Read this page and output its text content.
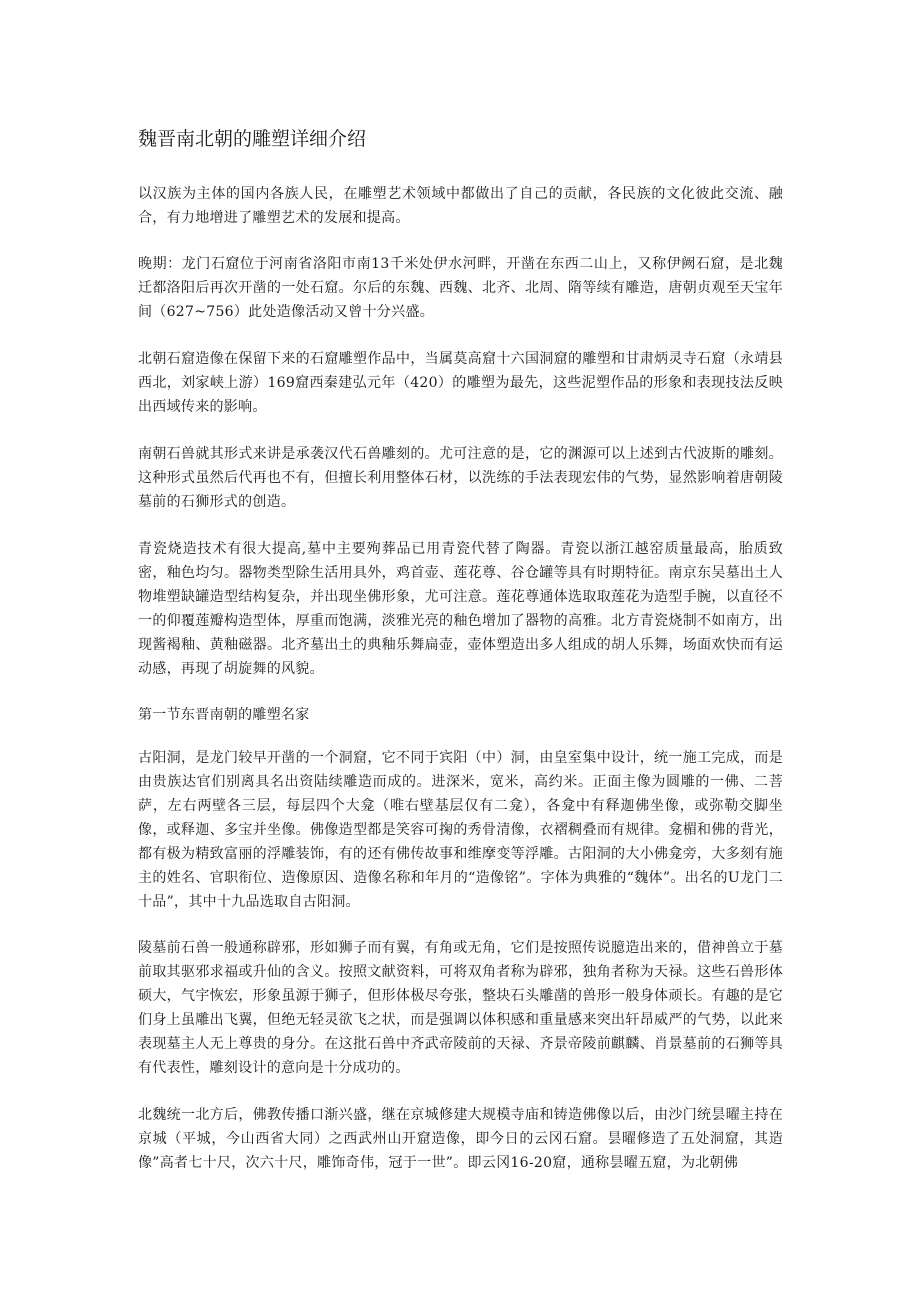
魏晋南北朝的雕塑详细介绍

以汉族为主体的国内各族人民，在雕塑艺术领域中都做出了自己的贡献，各民族的文化彼此交流、融合，有力地增进了雕塑艺术的发展和提高。

晚期：龙门石窟位于河南省洛阳市南13千米处伊水河畔，开凿在东西二山上，又称伊阙石窟，是北魏迁都洛阳后再次开凿的一处石窟。尔后的东魏、西魏、北齐、北周、隋等续有雕造，唐朝贞观至天宝年间（627~756）此处造像活动又曾十分兴盛。

北朝石窟造像在保留下来的石窟雕塑作品中，当属莫高窟十六国洞窟的雕塑和甘肃炳灵寺石窟（永靖县西北，刘家峡上游）169窟西秦建弘元年（420）的雕塑为最先，这些泥塑作品的形象和表现技法反映出西域传来的影响。

南朝石兽就其形式来讲是承袭汉代石兽雕刻的。尤可注意的是，它的渊源可以上述到古代波斯的雕刻。这种形式虽然后代再也不有，但擅长利用整体石材，以洗练的手法表现宏伟的气势，显然影响着唐朝陵墓前的石狮形式的创造。

青瓷烧造技术有很大提高,墓中主要殉葬品已用青瓷代替了陶器。青瓷以浙江越窑质量最高，胎质致密，釉色均匀。器物类型除生活用具外，鸡首壶、莲花尊、谷仓罐等具有时期特征。南京东吴墓出土人物堆塑缺罐造型结构复杂，并出现坐佛形象，尤可注意。莲花尊通体选取取莲花为造型手腕，以直径不一的仰覆莲瓣构造型体，厚重而饱满，淡雅光亮的釉色增加了器物的高雅。北方青瓷烧制不如南方，出现酱褐釉、黄釉磁器。北齐墓出土的典釉乐舞扁壶，壶体塑造出多人组成的胡人乐舞，场面欢快而有运动感，再现了胡旋舞的风貌。

第一节东晋南朝的雕塑名家

古阳洞，是龙门较早开凿的一个洞窟，它不同于宾阳（中）洞，由皇室集中设计，统一施工完成，而是由贵族达官们别离具名出资陆续雕造而成的。进深米，宽米，高约米。正面主像为圆雕的一佛、二菩萨，左右两壁各三层，每层四个大龛（唯右壁基层仅有二龛），各龛中有释迦佛坐像，或弥勒交脚坐像，或释迦、多宝并坐像。佛像造型都是笑容可掬的秀骨清像，衣褶稠叠而有规律。龛楣和佛的背光，都有极为精致富丽的浮雕装饰，有的还有佛传故事和维摩变等浮雕。古阳洞的大小佛龛旁，大多刻有施主的姓名、官职衔位、造像原因、造像名称和年月的“造像铭”。字体为典雅的“魏体”。出名的U龙门二十品”，其中十九品选取自古阳洞。

陵墓前石兽一般通称辟邪，形如狮子而有翼，有角或无角，它们是按照传说臆造出来的，借神兽立于墓前取其驱邪求福或升仙的含义。按照文献资料，可将双角者称为辟邪，独角者称为天禄。这些石兽形体硕大，气宇恢宏，形象虽源于狮子，但形体极尽夸张，整块石头雕凿的兽形一般身体顽长。有趣的是它们身上虽雕出飞翼，但绝无轻灵欲飞之状，而是强调以体积感和重量感来突出轩昂威严的气势，以此来表现墓主人无上尊贵的身分。在这批石兽中齐武帝陵前的天禄、齐景帝陵前麒麟、肖景墓前的石狮等具有代表性，雕刻设计的意向是十分成功的。

北魏统一北方后，佛教传播口渐兴盛，继在京城修建大规模寺庙和铸造佛像以后，由沙门统昙曜主持在京城（平城，今山西省大同）之西武州山开窟造像，即今日的云冈石窟。昙曜修造了五处洞窟，其造像”高者七十尺，次六十尺，雕饰奇伟，冠于一世”。即云冈16-20窟，通称昙曜五窟，为北朝佛
